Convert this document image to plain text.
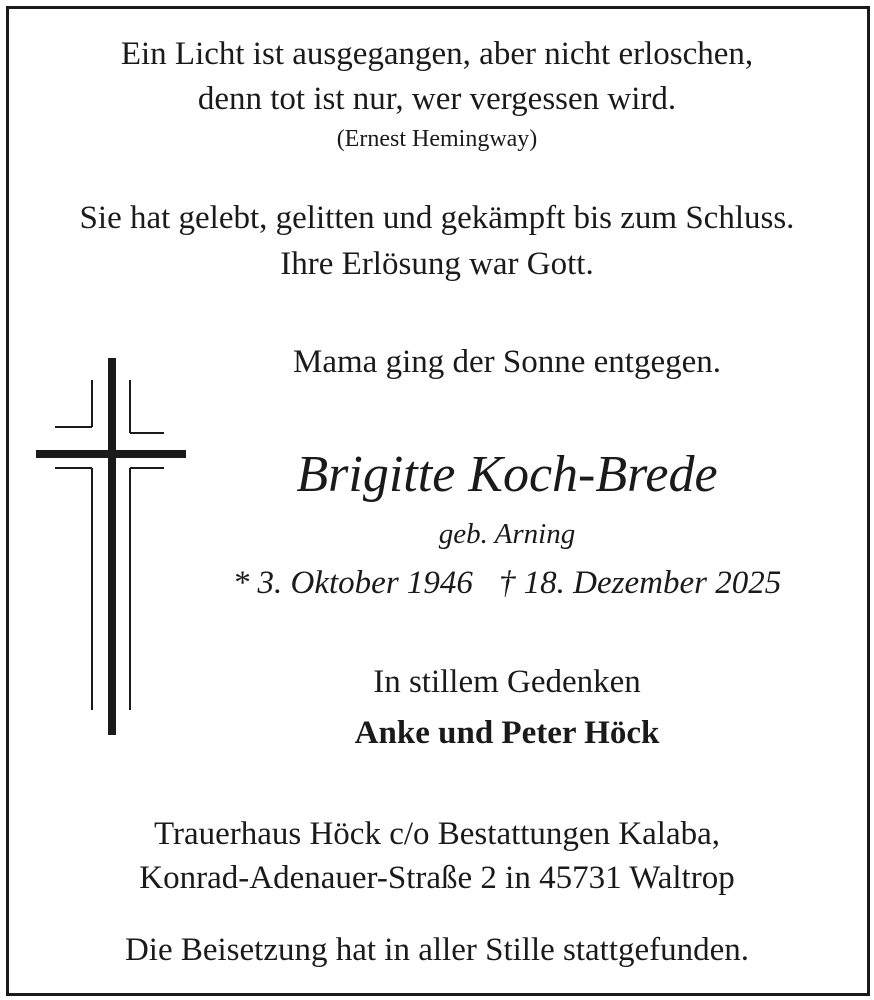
Ein Licht ist ausgegangen, aber nicht erloschen,
denn tot ist nur, wer vergessen wird.
(Ernest Hemingway)
Sie hat gelebt, gelitten und gekämpft bis zum Schluss.
Ihre Erlösung war Gott.
Mama ging der Sonne entgegen.
Brigitte Koch-Brede
geb. Arning
* 3. Oktober 1946 † 18. Dezember 2025
In stillem Gedenken
Anke und Peter Höck
Trauerhaus Höck c/o Bestattungen Kalaba,
Konrad-Adenauer-Straße 2 in 45731 Waltrop
Die Beisetzung hat in aller Stille stattgefunden.
